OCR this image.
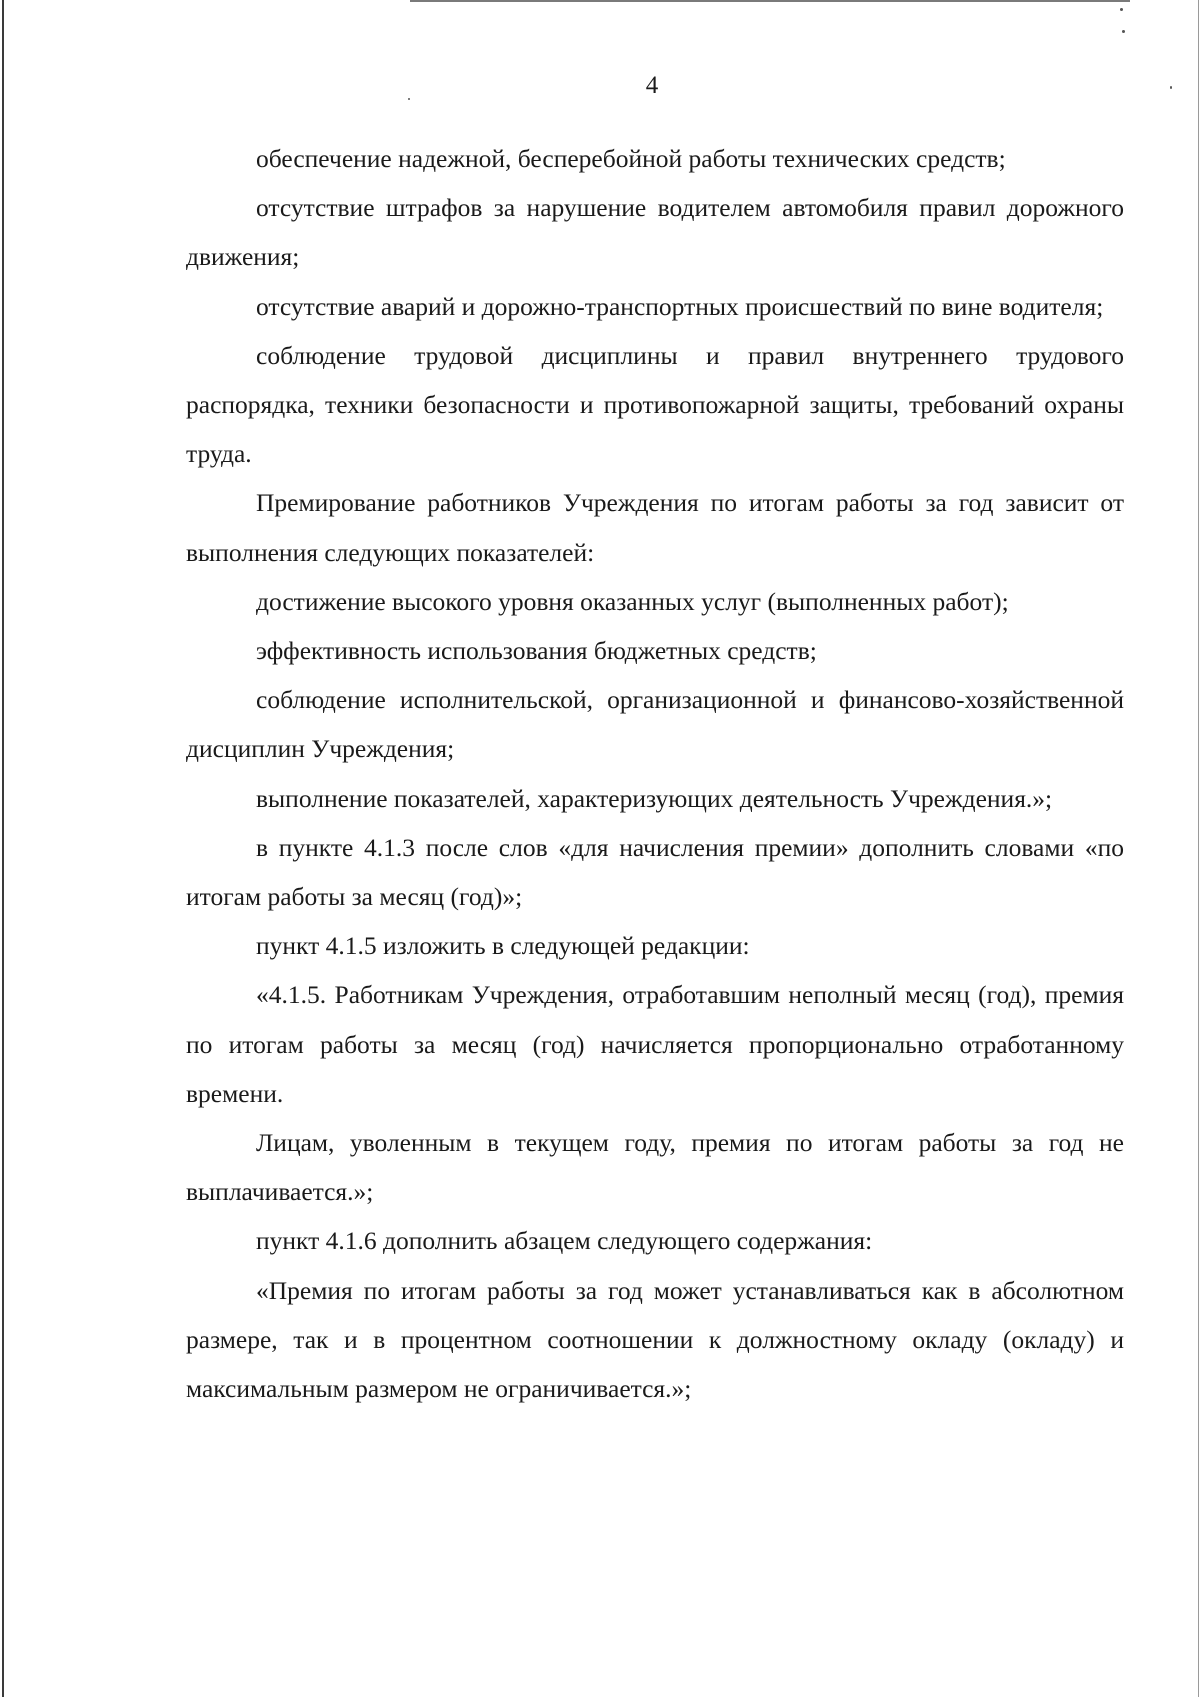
4

обеспечение надежной, бесперебойной работы технических средств;

отсутствие штрафов за нарушение водителем автомобиля правил дорожного движения;

отсутствие аварий и дорожно-транспортных происшествий по вине водителя;

соблюдение трудовой дисциплины и правил внутреннего трудового распорядка, техники безопасности и противопожарной защиты, требований охраны труда.

Премирование работников Учреждения по итогам работы за год зависит от выполнения следующих показателей:

достижение высокого уровня оказанных услуг (выполненных работ);

эффективность использования бюджетных средств;

соблюдение исполнительской, организационной и финансово-хозяйственной дисциплин Учреждения;

выполнение показателей, характеризующих деятельность Учреждения.»;

в пункте 4.1.3 после слов «для начисления премии» дополнить словами «по итогам работы за месяц (год)»;

пункт 4.1.5 изложить в следующей редакции:

«4.1.5. Работникам Учреждения, отработавшим неполный месяц (год), премия по итогам работы за месяц (год) начисляется пропорционально отработанному времени.

Лицам, уволенным в текущем году, премия по итогам работы за год не выплачивается.»;

пункт 4.1.6 дополнить абзацем следующего содержания:

«Премия по итогам работы за год может устанавливаться как в абсолютном размере, так и в процентном соотношении к должностному окладу (окладу) и максимальным размером не ограничивается.»;
